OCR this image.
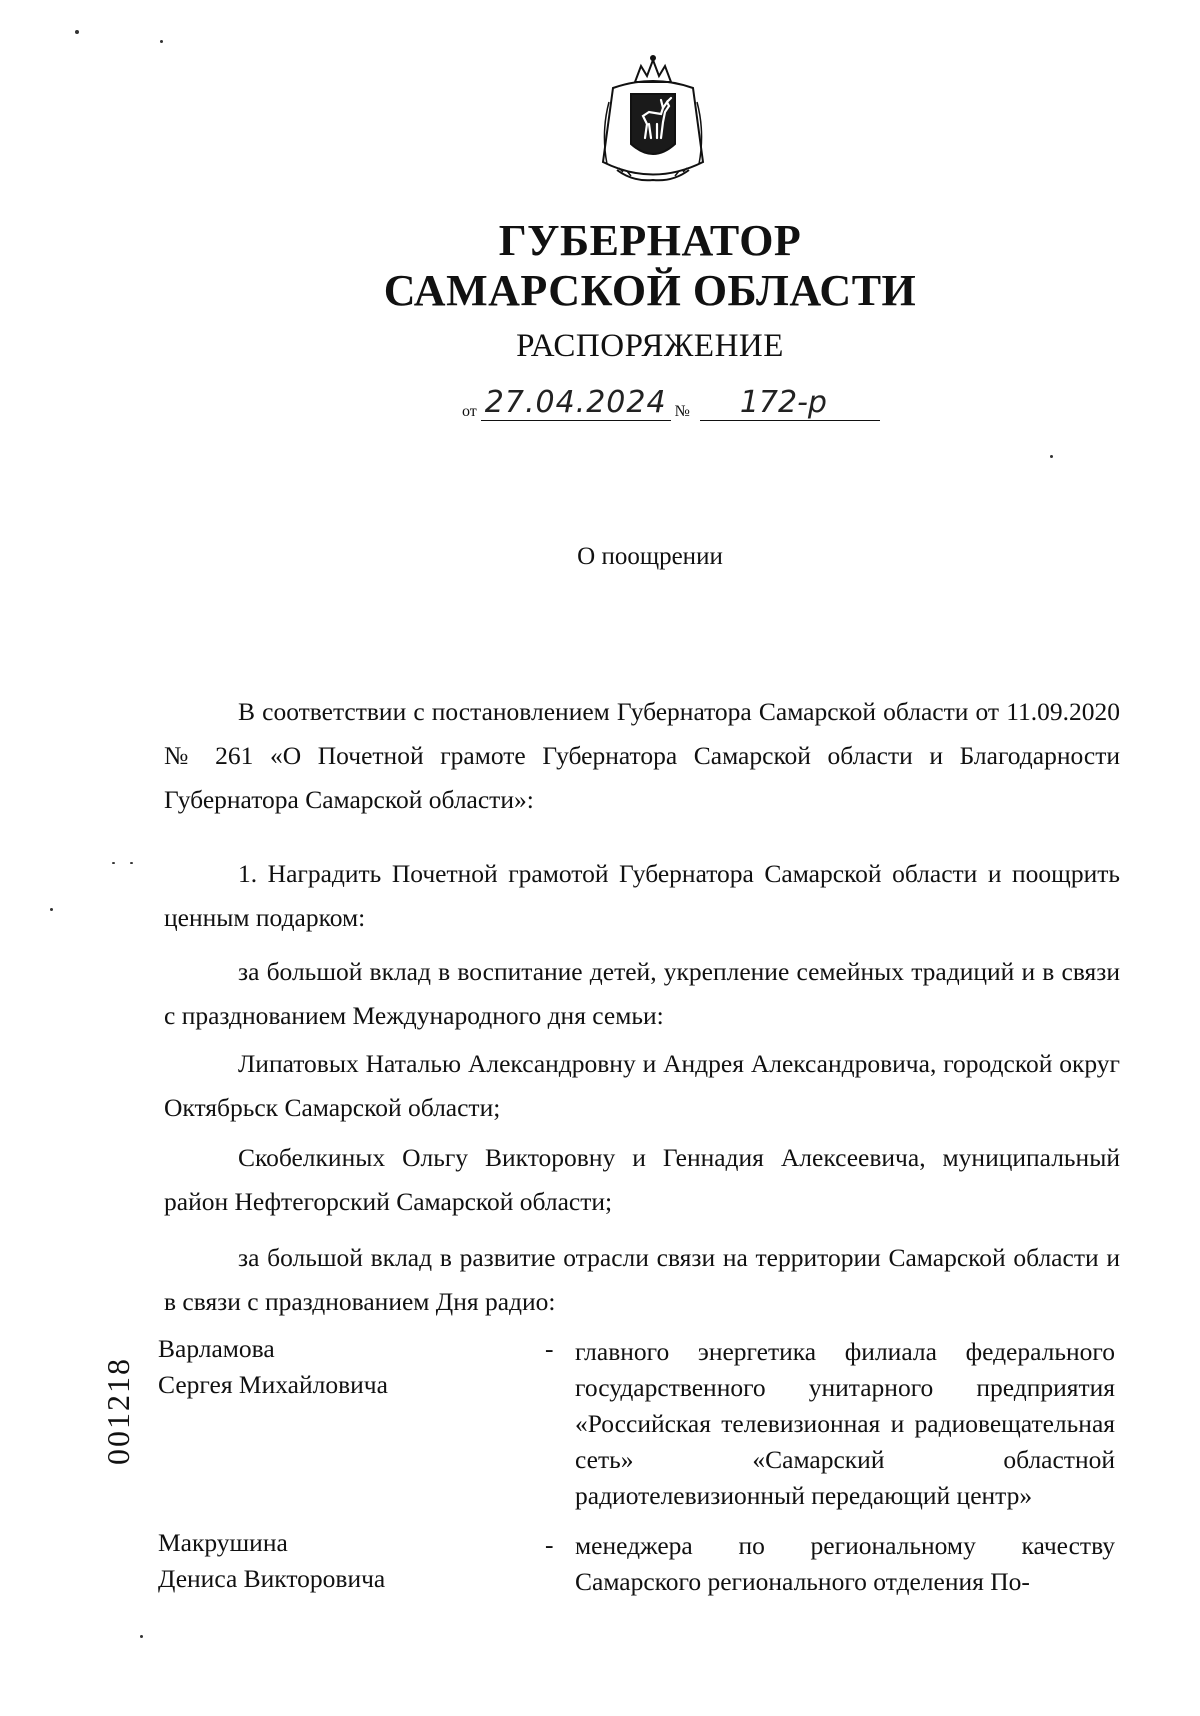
ГУБЕРНАТОР
САМАРСКОЙ ОБЛАСТИ
РАСПОРЯЖЕНИЕ
от 27.04.2024 №	172-р
О поощрении
В соответствии с постановлением Губернатора Самарской области от 11.09.2020 № 261 «О Почетной грамоте Губернатора Самарской области и Благодарности Губернатора Самарской области»:
1. Наградить Почетной грамотой Губернатора Самарской области и поощрить ценным подарком:
за большой вклад в воспитание детей, укрепление семейных традиций и в связи с празднованием Международного дня семьи:
Липатовых Наталью Александровну и Андрея Александровича, городской округ Октябрьск Самарской области;
Скобелкиных Ольгу Викторовну и Геннадия Алексеевича, муниципальный район Нефтегорский Самарской области;
за большой вклад в развитие отрасли связи на территории Самарской области и в связи с празднованием Дня радио:
Варламова
Сергея Михайловича
- главного энергетика филиала федерального государственного унитарного предприятия «Российская телевизионная и радиовещательная сеть» «Самарский областной радиотелевизионный передающий центр»
Макрушина
Дениса Викторовича
- менеджера по региональному качеству Самарского регионального отделения По-
001218
